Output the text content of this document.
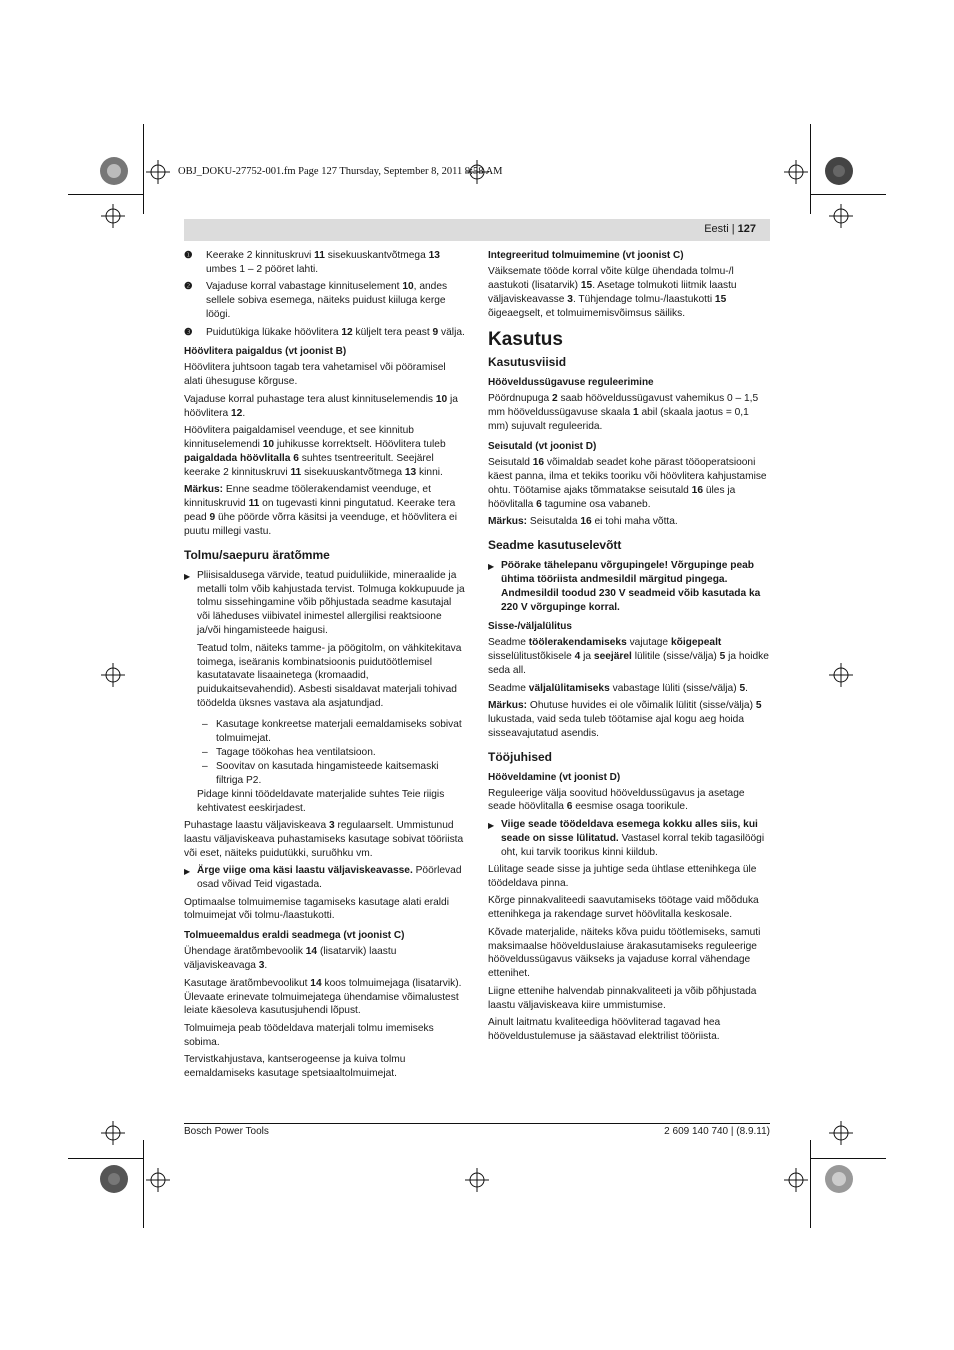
OBJ_DOKU-27752-001.fm Page 127 Thursday, September 8, 2011 9:58 AM
Eesti | 127
❶	Keerake 2 kinnituskruvi 11 sisekuuskantvõtmega 13 umbes 1 – 2 pööret lahti.
❷	Vajaduse korral vabastage kinnituselement 10, andes sellele sobiva esemega, näiteks puidust kiiluga kerge löögi.
❸	Puidutükiga lükake höövlitera 12 küljelt tera peast 9 välja.
Höövlitera paigaldus (vt joonist B)

Höövlitera juhtsoon tagab tera vahetamisel või pööramisel alati ühesuguse kõrguse.

Vajaduse korral puhastage tera alust kinnituselemendis 10 ja höövlitera 12.

Höövlitera paigaldamisel veenduge, et see kinnitub kinnituselemendi 10 juhikusse korrektselt. Höövlitera tuleb paigaldada höövlitalla 6 suhtes tsentreeritult. Seejärel keerake 2 kinnituskruvi 11 sisekuuskantvõtmega 13 kinni.

Märkus: Enne seadme töölerakendamist veenduge, et kinnituskruvid 11 on tugevasti kinni pingutatud. Keerake tera pead 9 ühe pöörde võrra käsitsi ja veenduge, et höövlitera ei puutu millegi vastu.

Tolmu/saepuru äratõmme
▶ Pliisisaldusega värvide, teatud puiduliikide, mineraalide ja metalli tolm võib kahjustada tervist. Tolmuga kokkupuude ja tolmu sissehingamine võib põhjustada seadme kasutajal või läheduses viibivatel inimestel allergilisi reaktsioone ja/või hingamisteede haigusi.

Teatud tolm, näiteks tamme- ja pöögitolm, on vähkitekitava toimega, iseäranis kombinatsioonis puidutöötlemisel kasutatavate lisaainetega (kromaadid, puidukaitsevahendid). Asbesti sisaldavat materjali tohivad töödelda üksnes vastava ala asjatundjad.

– Kasutage konkreetse materjali eemaldamiseks sobivat tolmuimejat.
– Tagage töökohas hea ventilatsioon.
– Soovitav on kasutada hingamisteede kaitsemaski filtriga P2.

Pidage kinni töödeldavate materjalide suhtes Teie riigis kehtivatest eeskirjadest.

Puhastage laastu väljaviskeava 3 regulaarselt. Ummistunud laastu väljaviskeava puhastamiseks kasutage sobivat tööriista või eset, näiteks puidutükki, suruõhku vm.

▶ Ärge viige oma käsi laastu väljaviskeavasse. Pöörlevad osad võivad Teid vigastada.

Optimaalse tolmuimemise tagamiseks kasutage alati eraldi tolmuimejat või tolmu-/laastukotti.

Tolmueemaldus eraldi seadmega (vt joonist C)

Ühendage äratõmbevoolik 14 (lisatarvik) laastu väljaviskeavaga 3.

Kasutage äratõmbevoolikut 14 koos tolmuimejaga (lisatarvik). Ülevaate erinevate tolmuimejatega ühendamise võimalustest leiate käesoleva kasutusjuhendi lõpust.

Tolmuimeja peab töödeldava materjali tolmu imemiseks sobima.

Tervistkahjustava, kantserogeense ja kuiva tolmu eemaldamiseks kasutage spetsiaaltolmuimejat.

Integreeritud tolmuimemine (vt joonist C)

Väiksemate tööde korral võite külge ühendada tolmu-/l aastukoti (lisatarvik) 15. Asetage tolmukoti liitmik laastu väljaviskeavasse 3. Tühjendage tolmu-/laastukotti 15 õigeaegselt, et tolmuimemisvõimsus säiliks.

Kasutus
Kasutusviisid
Hööveldussügavuse reguleerimine

Pöördnupuga 2 saab hööveldussügavust vahemikus 0 – 1,5 mm hööveldussügavuse skaala 1 abil (skaala jaotus = 0,1 mm) sujuvalt reguleerida.

Seisutald (vt joonist D)

Seisutald 16 võimaldab seadet kohe pärast tööoperatsiooni käest panna, ilma et tekiks tooriku või höövlitera kahjustamise ohtu. Töötamise ajaks tõmmatakse seisutald 16 üles ja höövlitalla 6 tagumine osa vabaneb.

Märkus: Seisutalda 16 ei tohi maha võtta.

Seadme kasutuselevõtt
▶ Pöörake tähelepanu võrgupingele! Võrgupinge peab ühtima tööriista andmesildil märgitud pingega. Andmesildil toodud 230 V seadmeid võib kasutada ka 220 V võrgupinge korral.
Sisse-/väljalülitus

Seadme töölerakendamiseks vajutage kõigepealt sisselülitustõkisele 4 ja seejärel lülitile (sisse/välja) 5 ja hoidke seda all.

Seadme väljalülitamiseks vabastage lüliti (sisse/välja) 5.

Märkus: Ohutuse huvides ei ole võimalik lülitit (sisse/välja) 5 lukustada, vaid seda tuleb töötamise ajal kogu aeg hoida sisseavajutatud asendis.

Tööjuhised
Hööveldamine (vt joonist D)

Reguleerige välja soovitud hööveldussügavus ja asetage seade höövlitalla 6 eesmise osaga toorikule.

▶ Viige seade töödeldava esemega kokku alles siis, kui seade on sisse lülitatud. Vastasel korral tekib tagasilöögi oht, kui tarvik toorikus kinni kiildub.

Lülitage seade sisse ja juhtige seda ühtlase ettenihkega üle töödeldava pinna.

Kõrge pinnakvaliteedi saavutamiseks töötage vaid mõõduka ettenihkega ja rakendage survet höövlitalla keskosale.

Kõvade materjalide, näiteks kõva puidu töötlemiseks, samuti maksimaalse hööveldusIaiuse ärakasutamiseks reguleerige hööveldussügavus väikseks ja vajaduse korral vähendage ettenihet.

Liigne ettenihe halvendab pinnakvaliteeti ja võib põhjustada laastu väljaviskeava kiire ummistumise.

Ainult laitmatu kvaliteediga höövliterad tagavad hea hööveldustulemuse ja säästavad elektrilist tööriista.

Bosch Power Tools	2 609 140 740 | (8.9.11)
